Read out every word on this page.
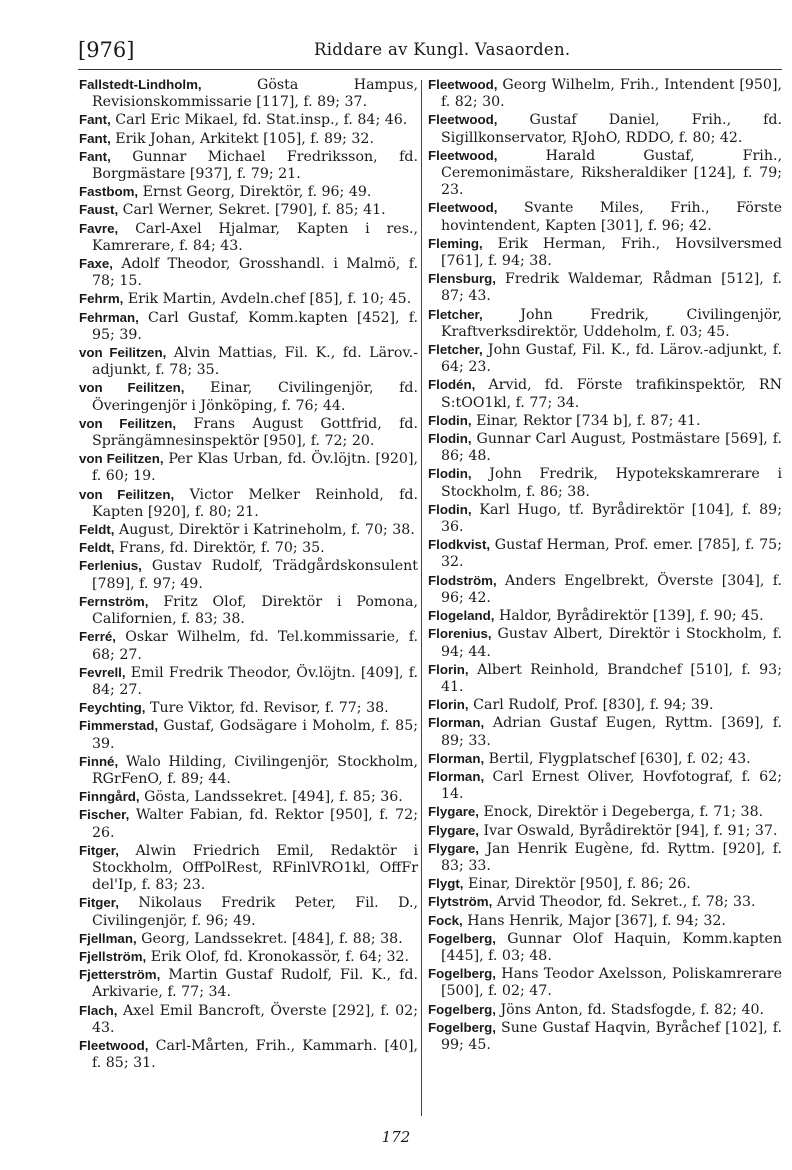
[976]	Riddare av Kungl. Vasaorden.

Fallstedt-Lindholm, Gösta Hampus, Revisionskommissarie [117], f. 89; 37.

Fant, Carl Eric Mikael, fd. Stat.insp., f. 84; 46.

Fant, Erik Johan, Arkitekt [105], f. 89; 32.

Fant, Gunnar Michael Fredriksson, fd. Borgmästare [937], f. 79; 21.

Fastbom, Ernst Georg, Direktör, f. 96; 49.

Faust, Carl Werner, Sekret. [790], f. 85; 41.

Favre, Carl-Axel Hjalmar, Kapten i res., Kamrerare, f. 84; 43.

Faxe, Adolf Theodor, Grosshandl. i Malmö, f. 78; 15.

Fehrm, Erik Martin, Avdeln.chef [85], f. 10; 45.

Fehrman, Carl Gustaf, Komm.kapten [452], f. 95; 39.

von Feilitzen, Alvin Mattias, Fil. K., fd. Lärov.-adjunkt, f. 78; 35.

von Feilitzen, Einar, Civilingenjör, fd. Överingenjör i Jönköping, f. 76; 44.

von Feilitzen, Frans August Gottfrid, fd. Sprängämnesinspektör [950], f. 72; 20.

von Feilitzen, Per Klas Urban, fd. Öv.löjtn. [920], f. 60; 19.

von Feilitzen, Victor Melker Reinhold, fd. Kapten [920], f. 80; 21.

Feldt, August, Direktör i Katrineholm, f. 70; 38.

Feldt, Frans, fd. Direktör, f. 70; 35.

Ferlenius, Gustav Rudolf, Trädgårdskonsulent [789], f. 97; 49.

Fernström, Fritz Olof, Direktör i Pomona, Californien, f. 83; 38.

Ferré, Oskar Wilhelm, fd. Tel.kommissarie, f. 68; 27.

Fevrell, Emil Fredrik Theodor, Öv.löjtn. [409], f. 84; 27.

Feychting, Ture Viktor, fd. Revisor, f. 77; 38.

Fimmerstad, Gustaf, Godsägare i Moholm, f. 85; 39.

Finné, Walo Hilding, Civilingenjör, Stockholm, RGrFenO, f. 89; 44.

Finngård, Gösta, Landssekret. [494], f. 85; 36.

Fischer, Walter Fabian, fd. Rektor [950], f. 72; 26.

Fitger, Alwin Friedrich Emil, Redaktör i Stockholm, OffPolRest, RFinlVRO1kl, OffFr del'Ip, f. 83; 23.

Fitger, Nikolaus Fredrik Peter, Fil. D., Civilingenjör, f. 96; 49.

Fjellman, Georg, Landssekret. [484], f. 88; 38.

Fjellström, Erik Olof, fd. Kronokassör, f. 64; 32.

Fjetterström, Martin Gustaf Rudolf, Fil. K., fd. Arkivarie, f. 77; 34.

Flach, Axel Emil Bancroft, Överste [292], f. 02; 43.

Fleetwood, Carl-Mårten, Frih., Kammarh. [40], f. 85; 31.

Fleetwood, Georg Wilhelm, Frih., Intendent [950], f. 82; 30.

Fleetwood, Gustaf Daniel, Frih., fd. Sigillkonservator, RJohO, RDDO, f. 80; 42.

Fleetwood, Harald Gustaf, Frih., Ceremonimästare, Riksheraldiker [124], f. 79; 23.

Fleetwood, Svante Miles, Frih., Förste hovintendent, Kapten [301], f. 96; 42.

Fleming, Erik Herman, Frih., Hovsilversmed [761], f. 94; 38.

Flensburg, Fredrik Waldemar, Rådman [512], f. 87; 43.

Fletcher, John Fredrik, Civilingenjör, Kraftverksdirektör, Uddeholm, f. 03; 45.

Fletcher, John Gustaf, Fil. K., fd. Lärov.-adjunkt, f. 64; 23.

Flodén, Arvid, fd. Förste trafikinspektör, RN S:tOO1kl, f. 77; 34.

Flodin, Einar, Rektor [734 b], f. 87; 41.

Flodin, Gunnar Carl August, Postmästare [569], f. 86; 48.

Flodin, John Fredrik, Hypotekskamrerare i Stockholm, f. 86; 38.

Flodin, Karl Hugo, tf. Byrådirektör [104], f. 89; 36.

Flodkvist, Gustaf Herman, Prof. emer. [785], f. 75; 32.

Flodström, Anders Engelbrekt, Överste [304], f. 96; 42.

Flogeland, Haldor, Byrådirektör [139], f. 90; 45.

Florenius, Gustav Albert, Direktör i Stockholm, f. 94; 44.

Florin, Albert Reinhold, Brandchef [510], f. 93; 41.

Florin, Carl Rudolf, Prof. [830], f. 94; 39.

Florman, Adrian Gustaf Eugen, Ryttm. [369], f. 89; 33.

Florman, Bertil, Flygplatschef [630], f. 02; 43.

Florman, Carl Ernest Oliver, Hovfotograf, f. 62; 14.

Flygare, Enock, Direktör i Degeberga, f. 71; 38.

Flygare, Ivar Oswald, Byrådirektör [94], f. 91; 37.

Flygare, Jan Henrik Eugène, fd. Ryttm. [920], f. 83; 33.

Flygt, Einar, Direktör [950], f. 86; 26.

Flytström, Arvid Theodor, fd. Sekret., f. 78; 33.

Fock, Hans Henrik, Major [367], f. 94; 32.

Fogelberg, Gunnar Olof Haquin, Komm.kapten [445], f. 03; 48.

Fogelberg, Hans Teodor Axelsson, Poliskamrerare [500], f. 02; 47.

Fogelberg, Jöns Anton, fd. Stadsfogde, f. 82; 40.

Fogelberg, Sune Gustaf Haqvin, Byråchef [102], f. 99; 45.

172
